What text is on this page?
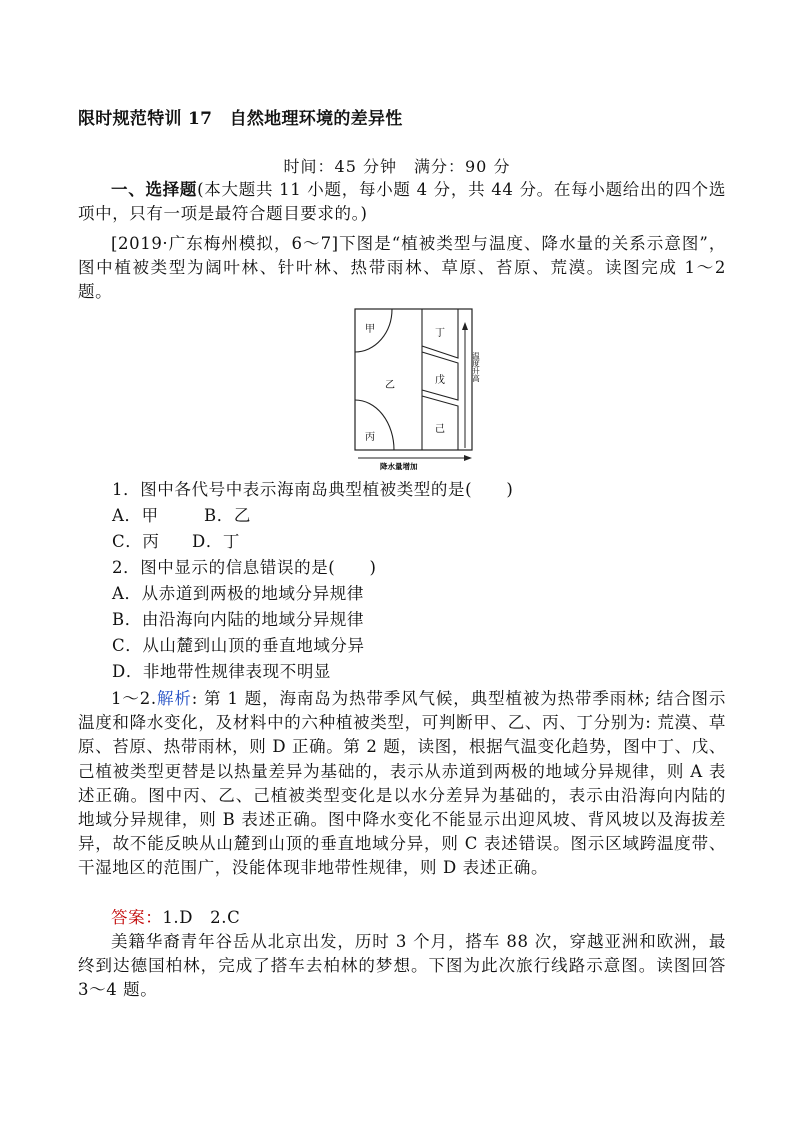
限时规范特训 17　自然地理环境的差异性
时间：45 分钟　满分：90 分
一、选择题(本大题共 11 小题，每小题 4 分，共 44 分。在每小题给出的四个选项中，只有一项是最符合题目要求的。)
[2019·广东梅州模拟，6～7]下图是“植被类型与温度、降水量的关系示意图”，图中植被类型为阔叶林、针叶林、热带雨林、草原、苔原、荒漠。读图完成 1～2 题。
甲
乙
丙
丁
戊
己
温度升高
降水量增加
1．图中各代号中表示海南岛典型植被类型的是(　　)
A．甲	B．乙
C．丙 D．丁
2．图中显示的信息错误的是(　　)
A．从赤道到两极的地域分异规律
B．由沿海向内陆的地域分异规律
C．从山麓到山顶的垂直地域分异
D．非地带性规律表现不明显
1～2.解析: 第 1 题，海南岛为热带季风气候，典型植被为热带季雨林; 结合图示温度和降水变化，及材料中的六种植被类型，可判断甲、乙、丙、丁分别为: 荒漠、草原、苔原、热带雨林，则 D 正确。第 2 题，读图，根据气温变化趋势，图中丁、戊、己植被类型更替是以热量差异为基础的，表示从赤道到两极的地域分异规律，则 A 表述正确。图中丙、乙、己植被类型变化是以水分差异为基础的，表示由沿海向内陆的地域分异规律，则 B 表述正确。图中降水变化不能显示出迎风坡、背风坡以及海拔差异，故不能反映从山麓到山顶的垂直地域分异，则 C 表述错误。图示区域跨温度带、干湿地区的范围广，没能体现非地带性规律，则 D 表述正确。
答案：1.D　2.C
美籍华裔青年谷岳从北京出发，历时 3 个月，搭车 88 次，穿越亚洲和欧洲，最终到达德国柏林，完成了搭车去柏林的梦想。下图为此次旅行线路示意图。读图回答 3～4 题。
